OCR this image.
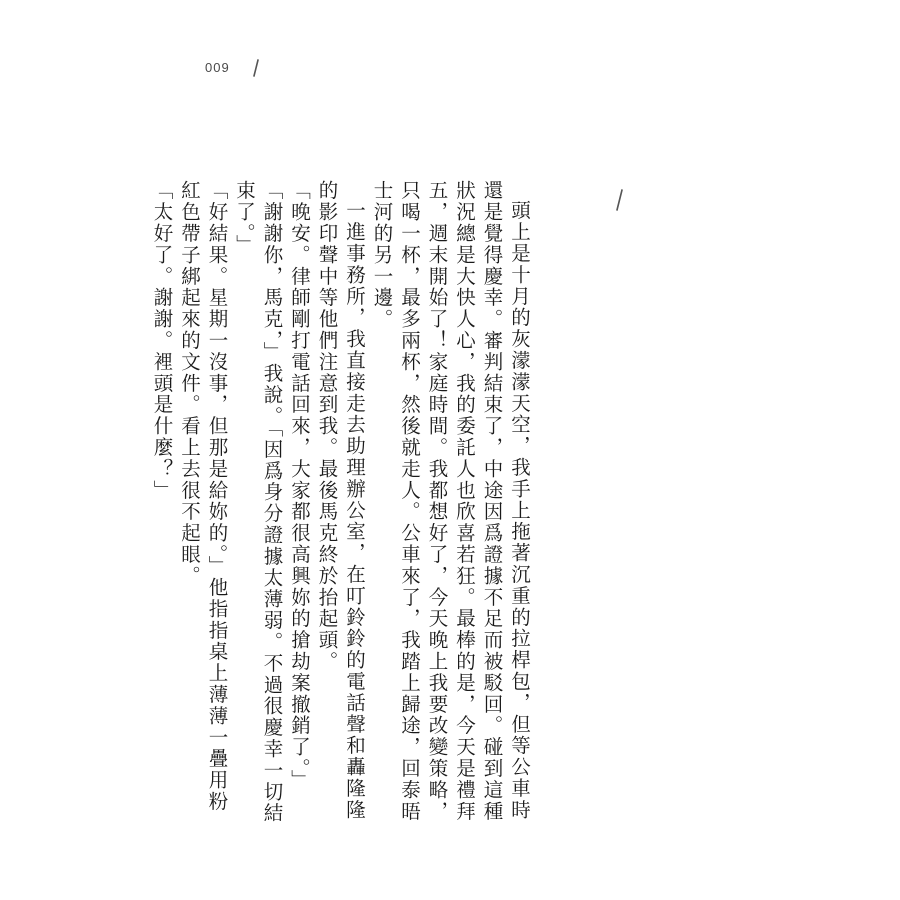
009

頭上是十月的灰濛濛天空，我手上拖著沉重的拉桿包，但等公車時還是覺得慶幸。審判結束了，中途因爲證據不足而被駁回。碰到這種狀況總是大快人心，我的委託人也欣喜若狂。最棒的是，今天是禮拜五，週末開始了！家庭時間。我都想好了，今天晚上我要改變策略，只喝一杯，最多兩杯，然後就走人。公車來了，我踏上歸途，回泰晤士河的另一邊。

一進事務所，我直接走去助理辦公室，在叮鈴鈴的電話聲和轟隆隆的影印聲中等他們注意到我。最後馬克終於抬起頭。

「晚安。律師剛打電話回來，大家都很高興妳的搶劫案撤銷了。」

「謝謝你，馬克，」我說。「因爲身分證據太薄弱。不過很慶幸一切結束了。」

「好結果。星期一沒事，但那是給妳的。」他指指桌上薄薄一疊用粉紅色帶子綁起來的文件。看上去很不起眼。

「太好了。謝謝。裡頭是什麼？」
